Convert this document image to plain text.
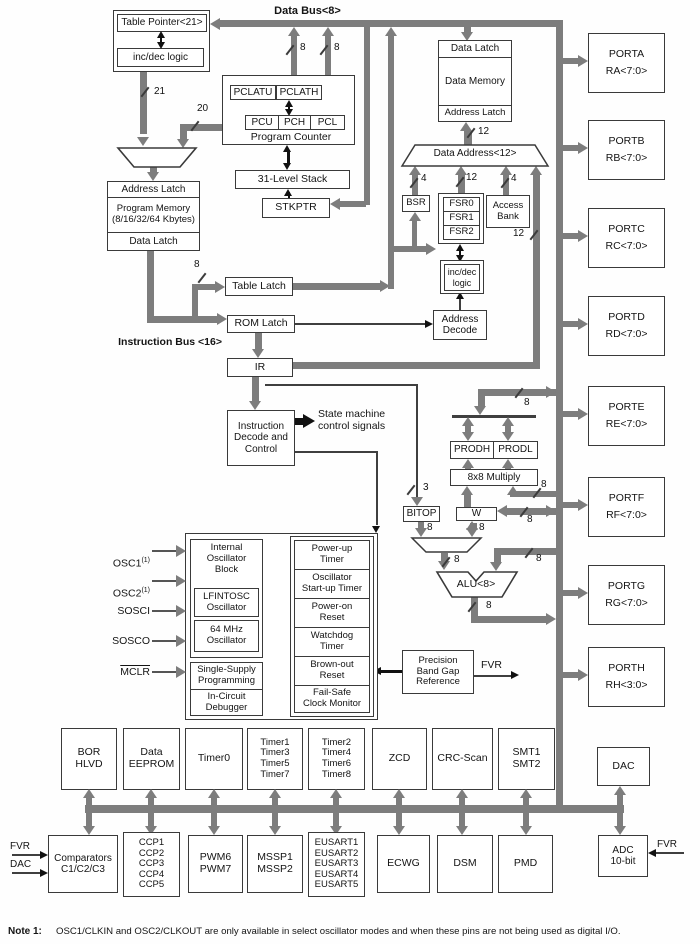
Data Address<12>
ALU<8>
Data Bus<8>
Table Pointer<21>
inc/dec logic
PCLATU PCLATH
PCU	PCH	PCL
Program Counter
31-Level Stack
STKPTR
Address Latch
Program Memory
(8/16/32/64 Kbytes)
Data Latch
Table Latch
ROM Latch
Instruction Bus <16>
IR
Instruction
Decode and
Control
State machine
control signals
Address
Decode
Data Latch
Data Memory
Address Latch
BSR	FSR0
FSR1
FSR2
Access
Bank
inc/dec
logic
PORTA
RA<7:0>
PORTB
RB<7:0>
PORTC
RC<7:0>
PORTD
RD<7:0>
PORTE
RE<7:0>
PORTF
RF<7:0>
PORTG
RG<7:0>
PORTH
RH<3:0>
PRODH PRODL
8x8 Multiply
BITOP	W
Internal
Oscillator
Block
LFINTOSC
Oscillator
64 MHz
Oscillator
Single-Supply
Programming
In-Circuit
Debugger
Power-up
Timer
Oscillator
Start-up Timer
Power-on
Reset
Watchdog
Timer
Brown-out
Reset
Fail-Safe
Clock Monitor

OSC1$^{(1)}$

OSC2$^{(1)}$
SOSCI
SOSCO
MCLR
Precision
Band Gap
Reference
FVR
BOR
HLVD
Data
EEPROM	Timer0
Timer1
Timer3
Timer5
Timer7
Timer2
Timer4
Timer6
Timer8
ZCD	CRC-Scan	SMT1
SMT2	DAC
Comparators
C1/C2/C3
CCP1
CCP2
CCP3
CCP4
CCP5
PWM6
PWM7
MSSP1
MSSP2
EUSART1
EUSART2
EUSART3
EUSART4
EUSART5
ECWG	DSM	PMD
ADC
10-bit
FVR
DAC
FVR
8	8
21
20
12
4	12	4
12
8
8
3	8
8
8	8
8	8
8
Note 1: OSC1/CLKIN and OSC2/CLKOUT are only available in select oscillator modes and when these pins are not being used as digital I/O.
